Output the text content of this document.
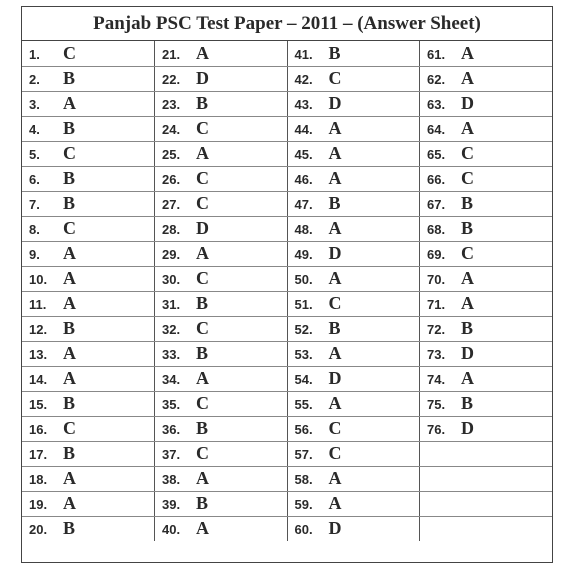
Panjab PSC Test Paper – 2011 – (Answer Sheet)
1. C	21. A	41. B	61. A
2. B	22. D	42. C	62. A
3. A	23. B	43. D	63. D
4. B	24. C	44. A	64. A
5. C	25. A	45. A	65. C
6. B	26. C	46. A	66. C
7. B	27. C	47. B	67. B
8. C	28. D	48. A	68. B
9. A	29. A	49. D	69. C
10. A	30. C	50. A	70. A
11. A	31. B	51. C	71. A
12. B	32. C	52. B	72. B
13. A	33. B	53. A	73. D
14. A	34. A	54. D	74. A
15. B	35. C	55. A	75. B
16. C	36. B	56. C	76. D
17. B	37. C	57. C	
18. A	38. A	58. A	
19. A	39. B	59. A	
20. B	40. A	60. D	
